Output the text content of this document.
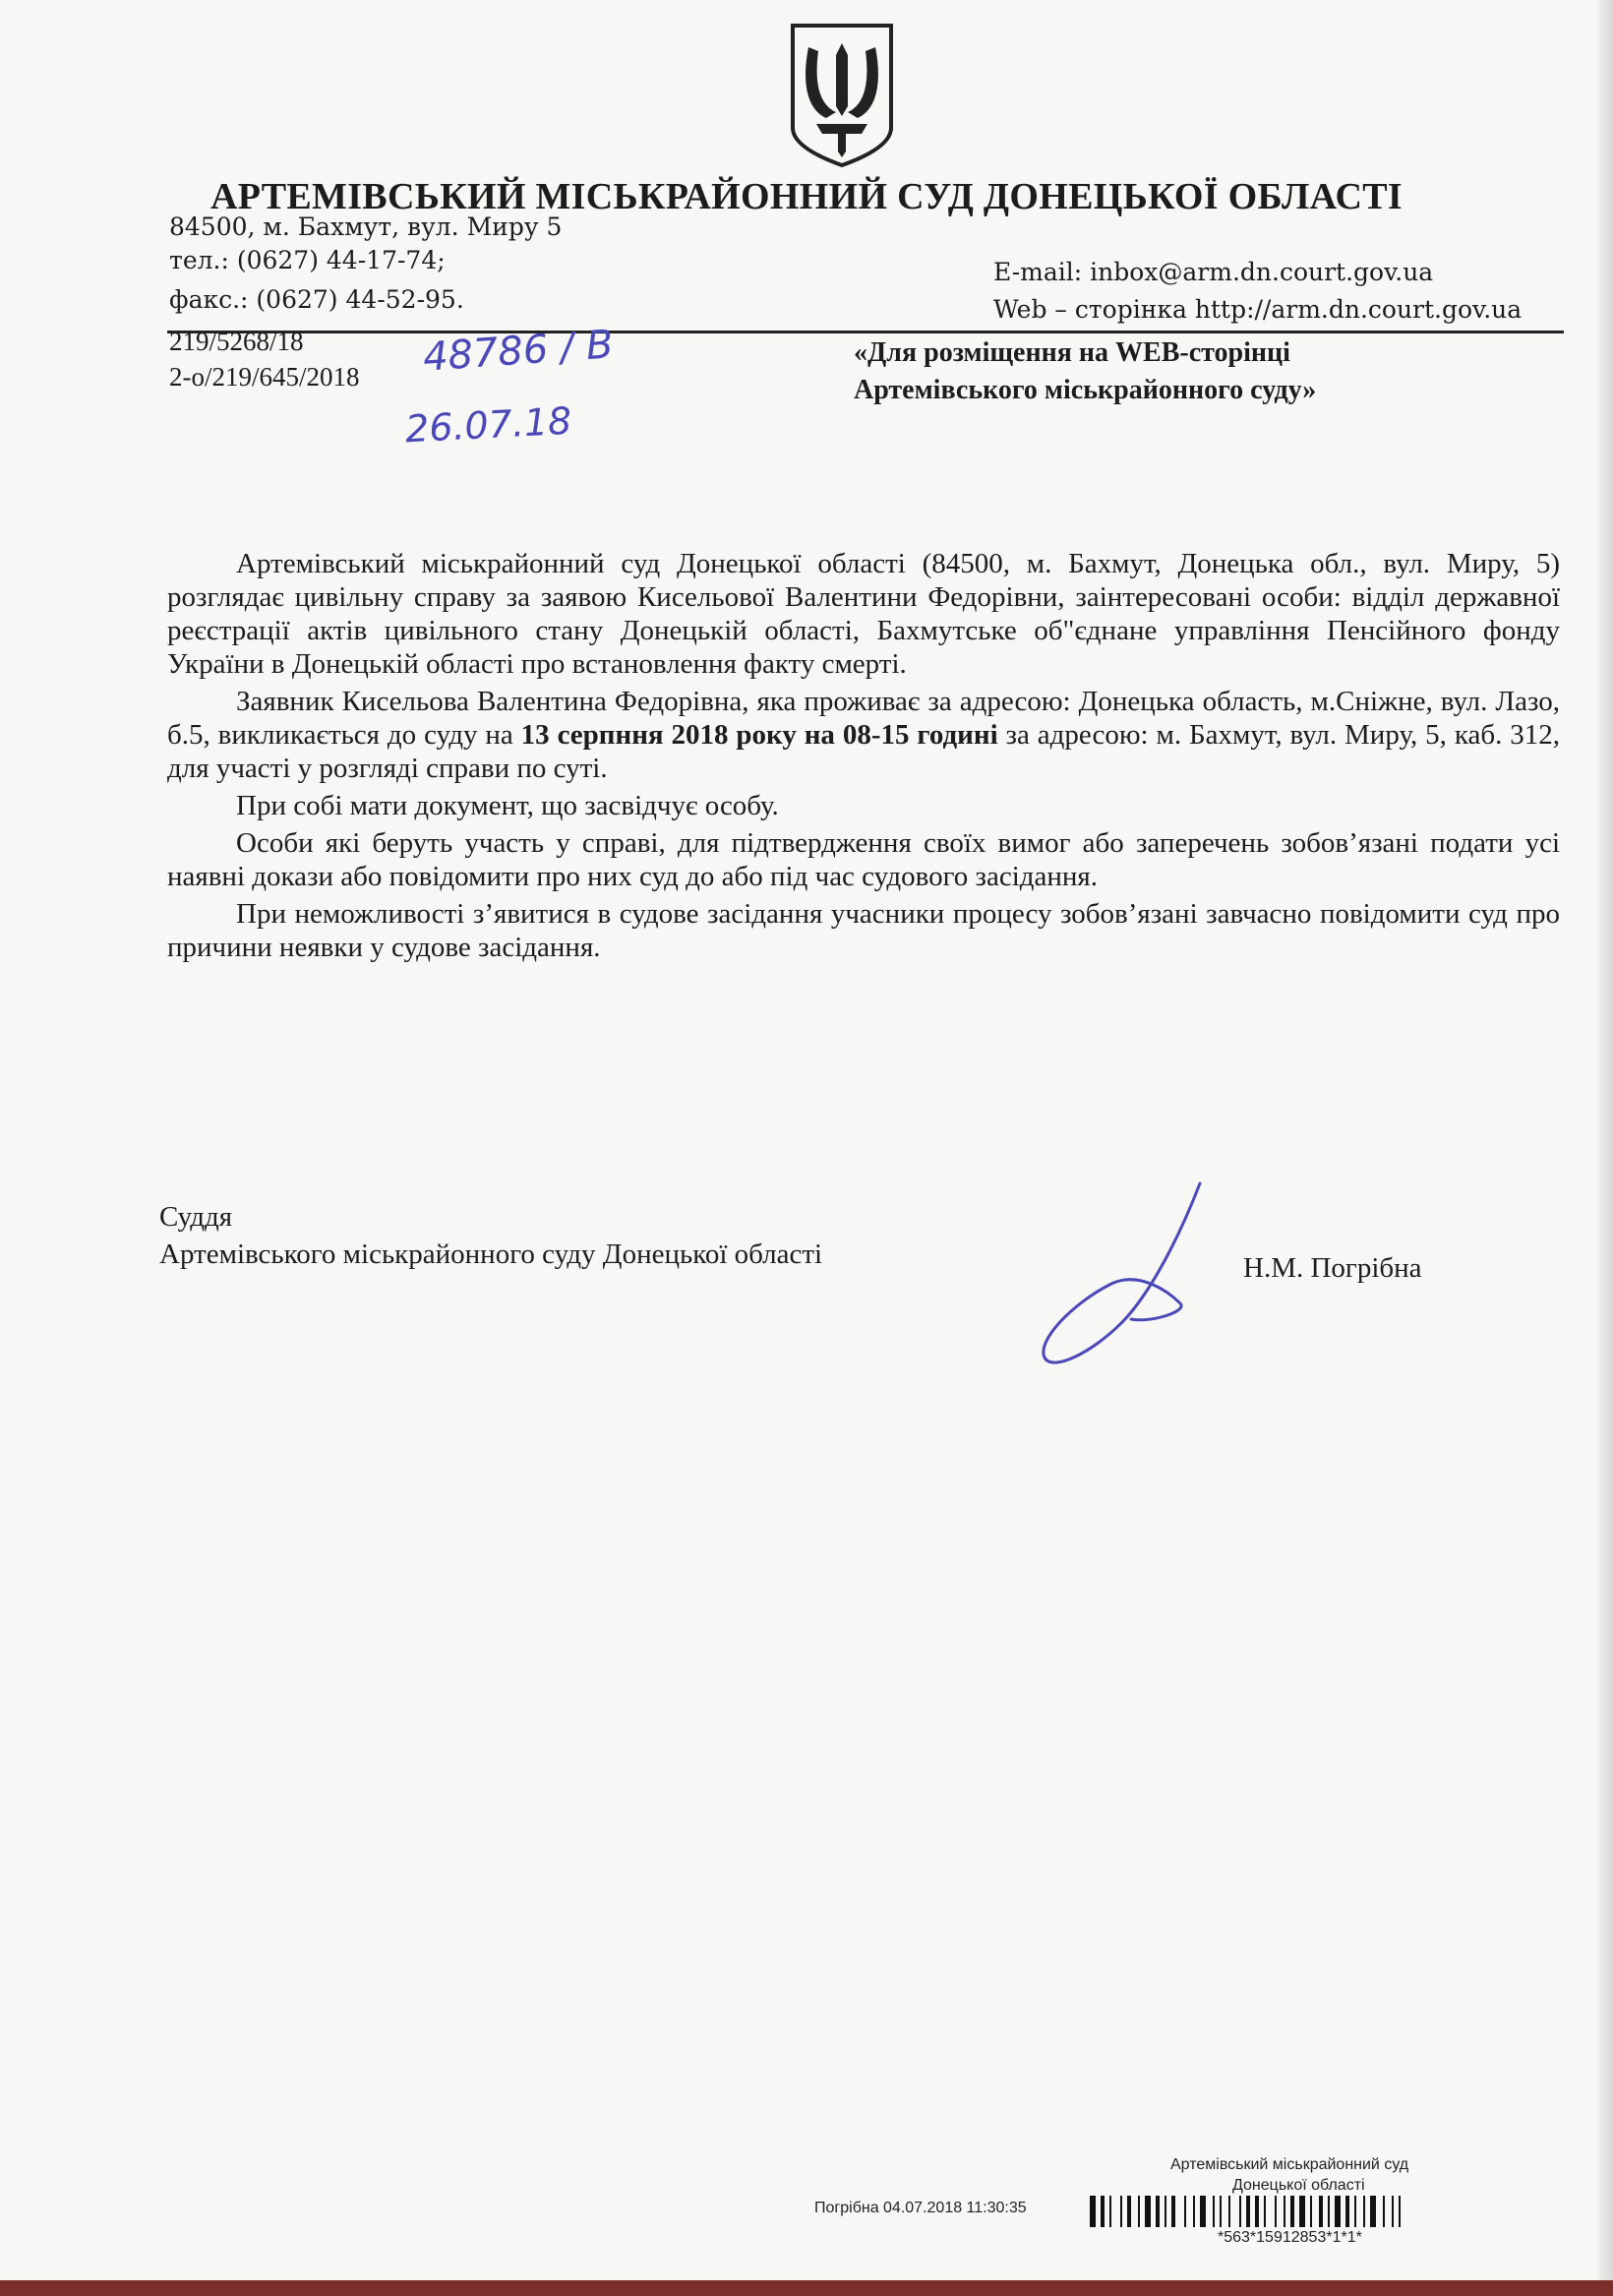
АРТЕМІВСЬКИЙ МІСЬКРАЙОННИЙ СУД ДОНЕЦЬКОЇ ОБЛАСТІ
84500, м. Бахмут, вул. Миру 5
тел.: (0627) 44-17-74;
факс.: (0627) 44-52-95.
E-mail: inbox@arm.dn.court.gov.ua
Web – сторінка http://arm.dn.court.gov.ua
219/5268/18
2-о/219/645/2018 48786 / В
26.07.18
«Для розміщення на WEB-сторінці
Артемівського міськрайонного суду»

Артемівський міськрайонний суд Донецької області (84500, м. Бахмут, Донецька обл., вул. Миру, 5) розглядає цивільну справу за заявою Кисельової Валентини Федорівни, заінтересовані особи: відділ державної реєстрації актів цивільного стану Донецькій області, Бахмутське об"єднане управління Пенсійного фонду України в Донецькій області про встановлення факту смерті.

Заявник Кисельова Валентина Федорівна, яка проживає за адресою: Донецька область, м.Сніжне, вул. Лазо, б.5, викликається до суду на 13 серпння 2018 року на 08-15 годині за адресою: м. Бахмут, вул. Миру, 5, каб. 312, для участі у розгляді справи по суті.

При собі мати документ, що засвідчує особу.

Особи які беруть участь у справі, для підтвердження своїх вимог або заперечень зобов’язані подати усі наявні докази або повідомити про них суд до або під час судового засідання.

При неможливості з’явитися в судове засідання учасники процесу зобов’язані завчасно повідомити суд про причини неявки у судове засідання.

Суддя
Артемівського міськрайонного суду Донецької області	Н.М. Погрібна
Артемівський міськрайонний суд
Донецької області
Погрібна 04.07.2018 11:30:35
*563*15912853*1*1*
